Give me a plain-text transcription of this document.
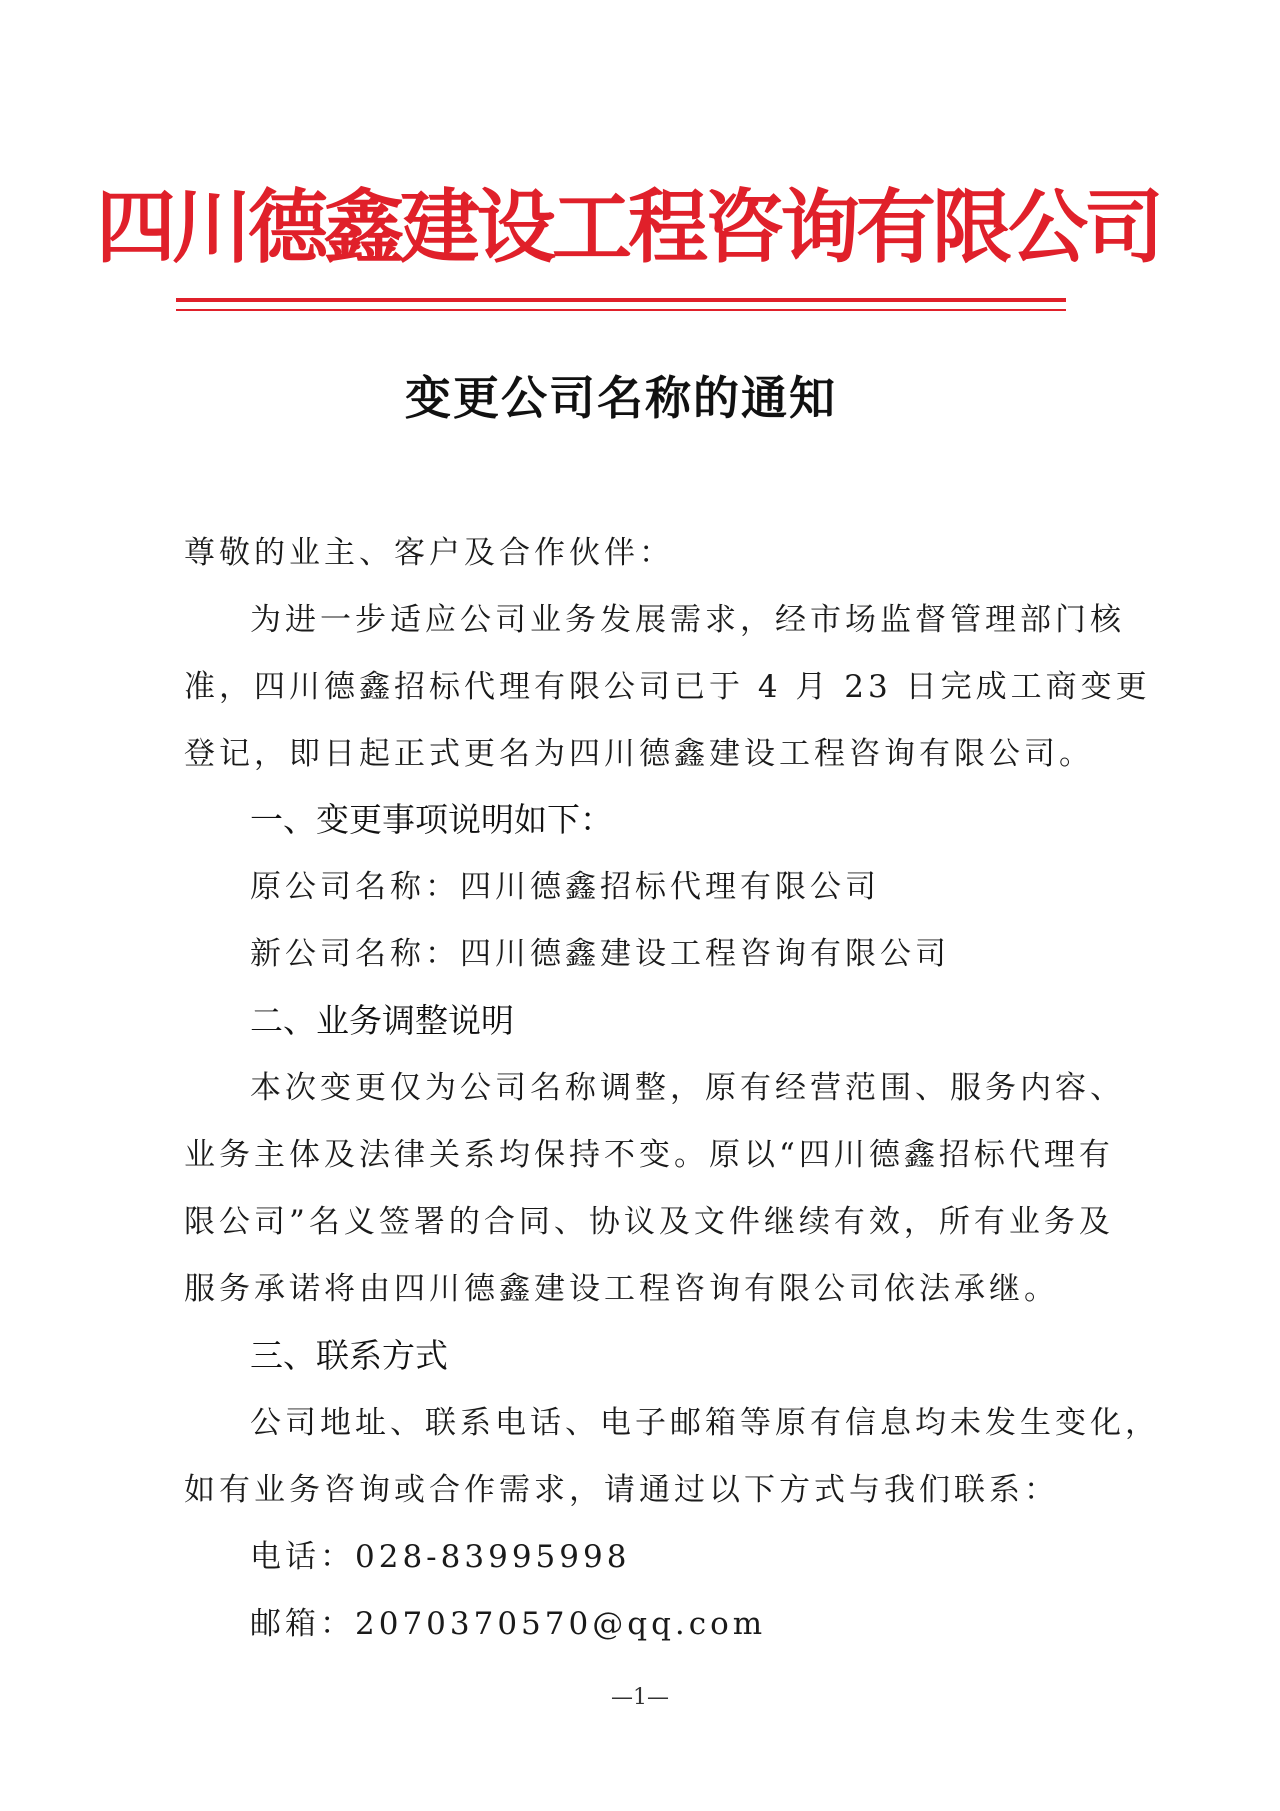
四川德鑫建设工程咨询有限公司
变更公司名称的通知
尊敬的业主、客户及合作伙伴：
为进一步适应公司业务发展需求，经市场监督管理部门核
准，四川德鑫招标代理有限公司已于 4 月 23 日完成工商变更
登记，即日起正式更名为四川德鑫建设工程咨询有限公司。
一、变更事项说明如下：
原公司名称：四川德鑫招标代理有限公司
新公司名称：四川德鑫建设工程咨询有限公司
二、业务调整说明
本次变更仅为公司名称调整，原有经营范围、服务内容、
业务主体及法律关系均保持不变。原以“四川德鑫招标代理有
限公司”名义签署的合同、协议及文件继续有效，所有业务及
服务承诺将由四川德鑫建设工程咨询有限公司依法承继。
三、联系方式
公司地址、联系电话、电子邮箱等原有信息均未发生变化，
如有业务咨询或合作需求，请通过以下方式与我们联系：
电话：028-83995998
邮箱：2070370570@qq.com
—1—
